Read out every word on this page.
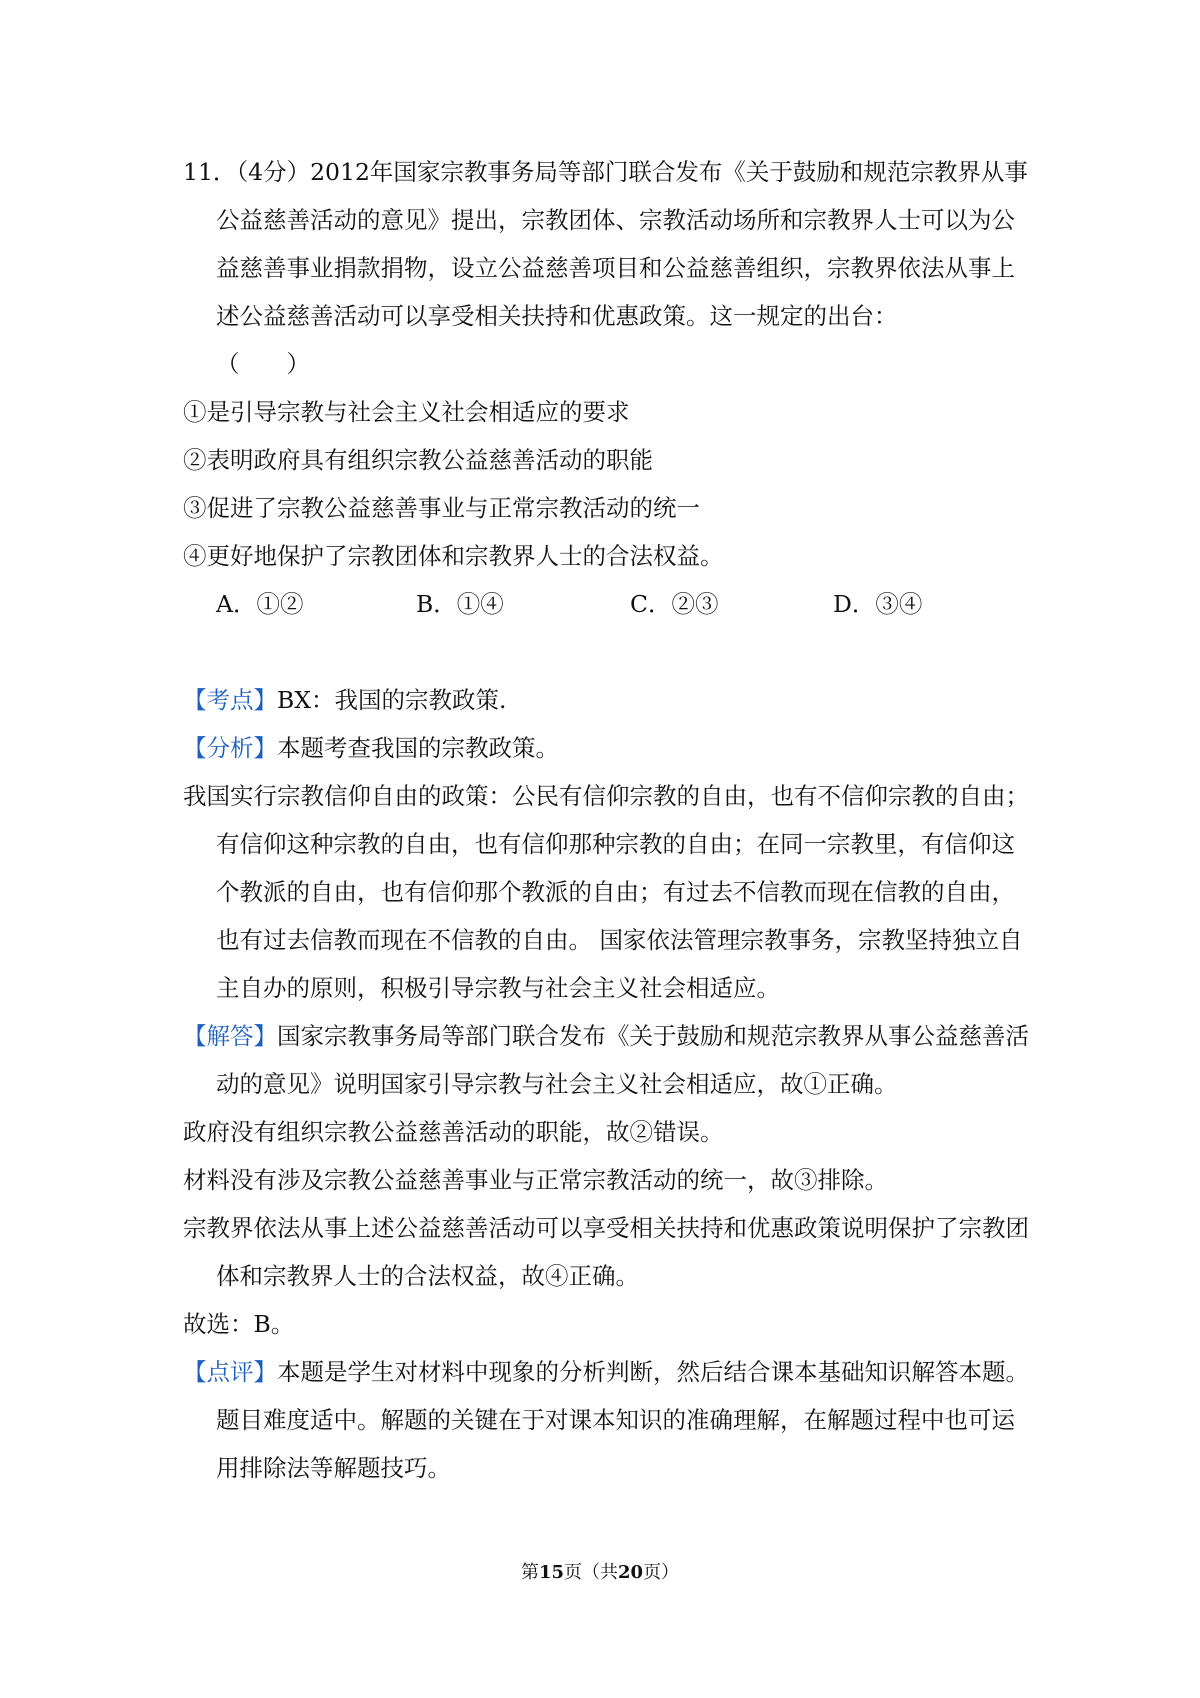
11．（4分）2012年国家宗教事务局等部门联合发布《关于鼓励和规范宗教界从事公益慈善活动的意见》提出，宗教团体、宗教活动场所和宗教界人士可以为公益慈善事业捐款捐物，设立公益慈善项目和公益慈善组织，宗教界依法从事上述公益慈善活动可以享受相关扶持和优惠政策。这一规定的出台：
（　　）

①是引导宗教与社会主义社会相适应的要求

②表明政府具有组织宗教公益慈善活动的职能

③促进了宗教公益慈善事业与正常宗教活动的统一

④更好地保护了宗教团体和宗教界人士的合法权益。

A．①②	B．①④	C．②③	D．③④

【考点】BX：我国的宗教政策.

【分析】本题考查我国的宗教政策。

我国实行宗教信仰自由的政策：公民有信仰宗教的自由，也有不信仰宗教的自由；有信仰这种宗教的自由，也有信仰那种宗教的自由；在同一宗教里，有信仰这个教派的自由，也有信仰那个教派的自由；有过去不信教而现在信教的自由，也有过去信教而现在不信教的自由。 国家依法管理宗教事务，宗教坚持独立自主自办的原则，积极引导宗教与社会主义社会相适应。

【解答】国家宗教事务局等部门联合发布《关于鼓励和规范宗教界从事公益慈善活动的意见》说明国家引导宗教与社会主义社会相适应，故①正确。

政府没有组织宗教公益慈善活动的职能，故②错误。

材料没有涉及宗教公益慈善事业与正常宗教活动的统一，故③排除。

宗教界依法从事上述公益慈善活动可以享受相关扶持和优惠政策说明保护了宗教团体和宗教界人士的合法权益，故④正确。

故选：B。

【点评】本题是学生对材料中现象的分析判断，然后结合课本基础知识解答本题。题目难度适中。解题的关键在于对课本知识的准确理解，在解题过程中也可运用排除法等解题技巧。

第15页（共20页）
